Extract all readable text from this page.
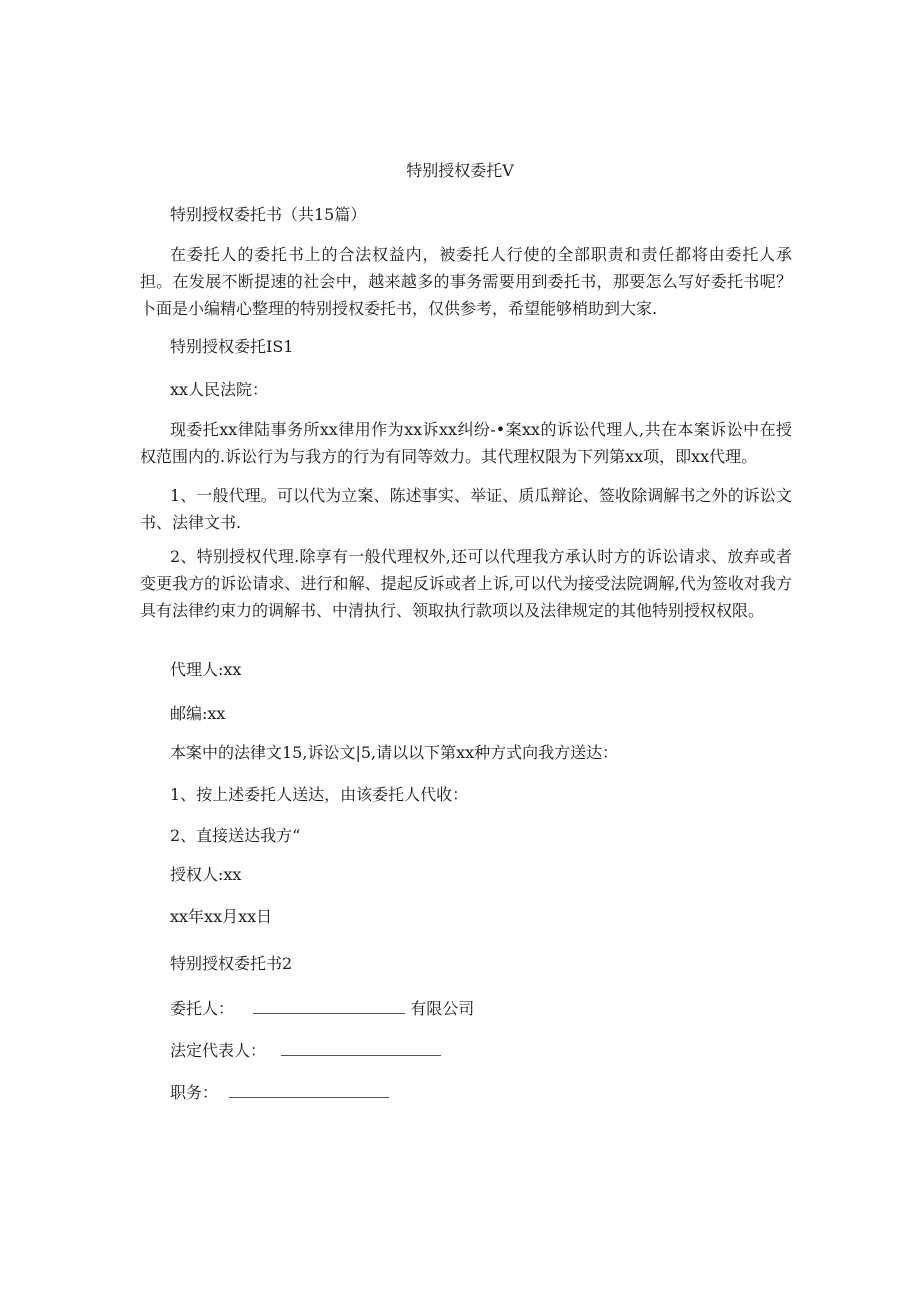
特别授权委托V
特别授权委托书（共15篇）

在委托人的委托书上的合法权益内，被委托人行使的全部职责和责任都将由委托人承担。在发展不断提速的社会中，越来越多的事务需要用到委托书，那要怎么写好委托书呢？卜面是小编精心整理的特别授权委托书，仅供参考，希望能够梢助到大家.

特别授权委托IS1
xx人民法院：

现委托xx律陆事务所xx律用作为xx诉xx纠纷-•案xx的诉讼代理人,共在本案诉讼中在授权范围内的.诉讼行为与我方的行为有同等效力。其代理权限为下列第xx项，即xx代理。

1、一般代理。可以代为立案、陈述事实、举证、质瓜辩论、签收除调解书之外的诉讼文书、法律文书.

2、特别授权代理.除享有一般代理权外,还可以代理我方承认时方的诉讼请求、放弃或者变更我方的诉讼请求、进行和解、提起反诉或者上诉,可以代为接受法院调解,代为签收对我方具有法律约束力的调解书、中清执行、领取执行款项以及法律规定的其他特别授权权限。

代理人:xx
邮编:xx
本案中的法律文15,诉讼文|5,请以以下第xx种方式向我方送达：
1、按上述委托人送达，由该委托人代收：
2、直接送达我方“
授权人:xx
xx年xx月xx日
特别授权委托书2
委托人：	有限公司
法定代表人：
职务：
